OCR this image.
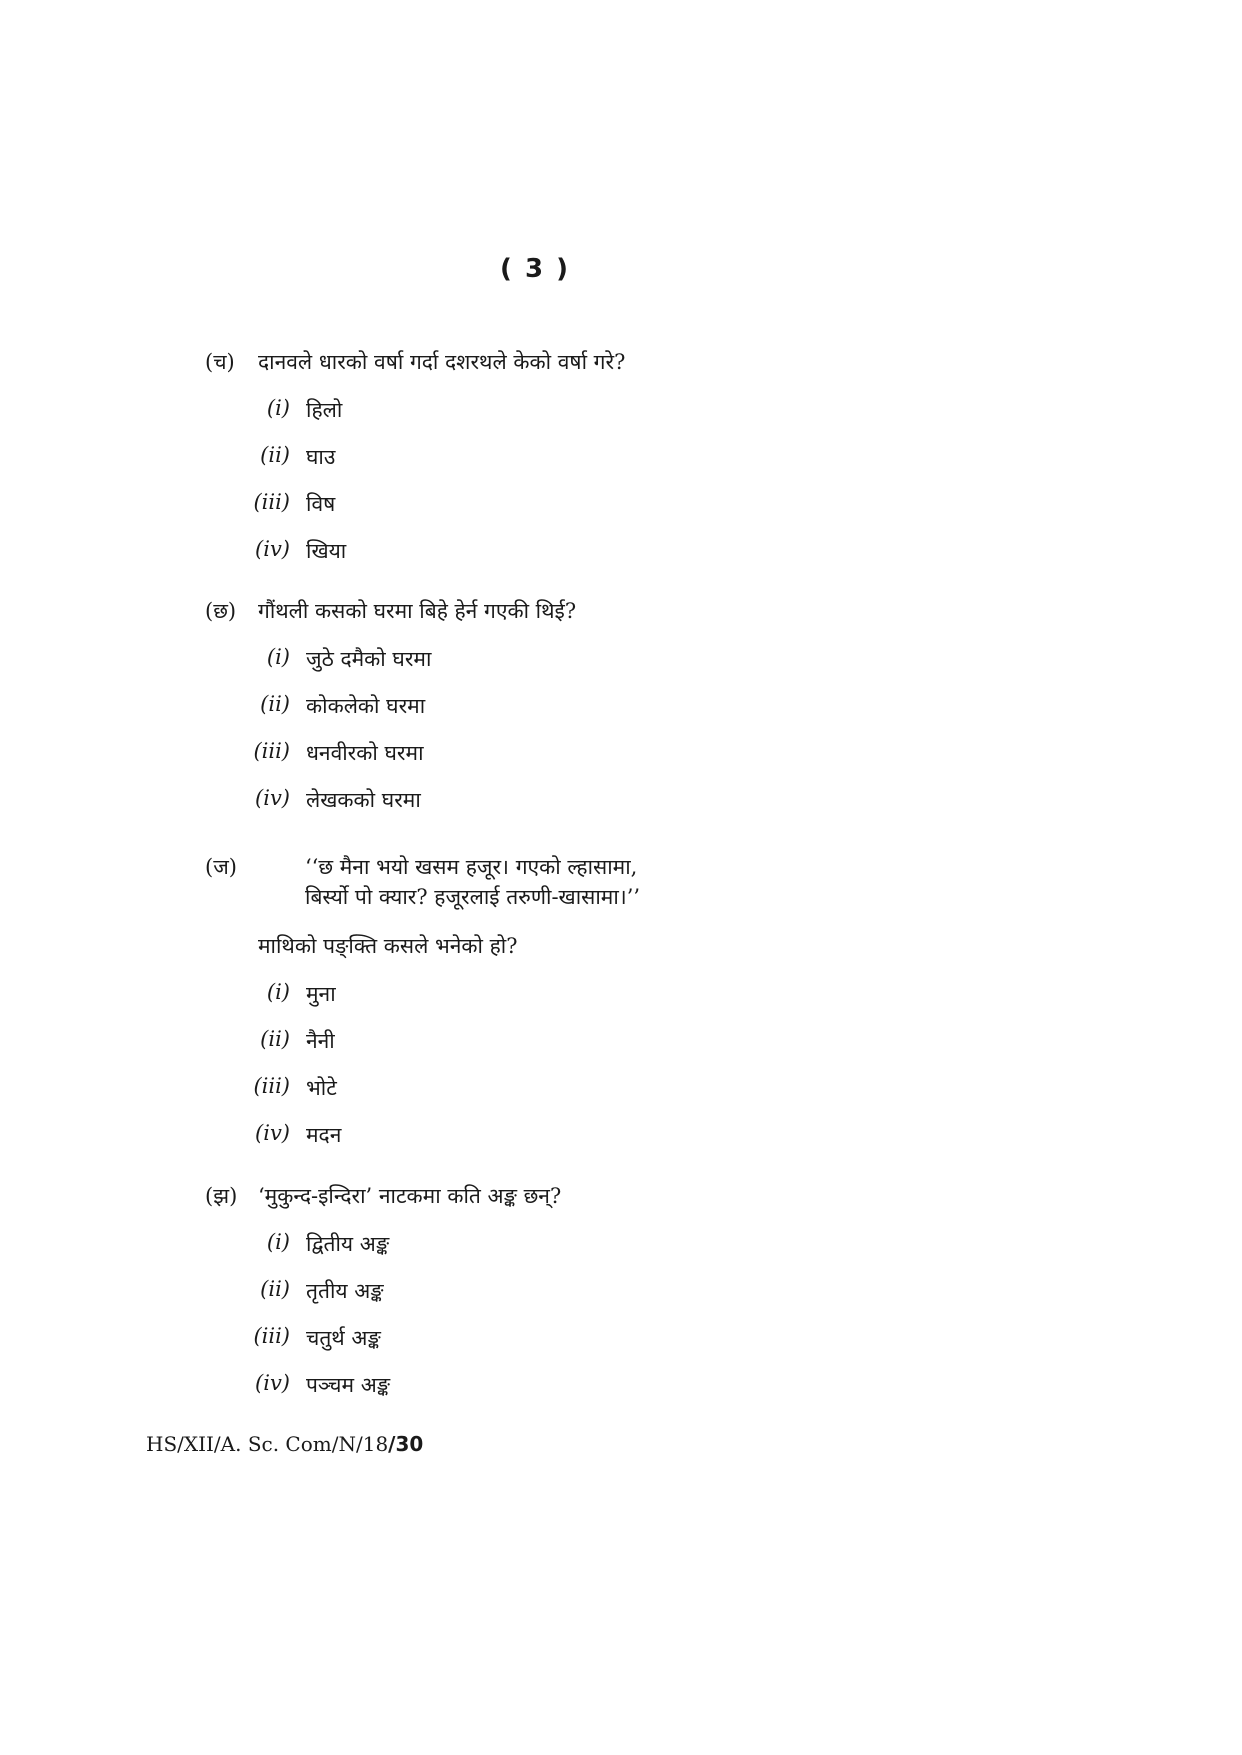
( 3 )
(च) दानवले धारको वर्षा गर्दा दशरथले केको वर्षा गरे?
(i) हिलो
(ii) घाउ
(iii) विष
(iv) खिया
(छ) गौंथली कसको घरमा बिहे हेर्न गएकी थिई?
(i) जुठे दमैको घरमा
(ii) कोकलेको घरमा
(iii) धनवीरको घरमा
(iv) लेखकको घरमा
(ज)	‘‘छ मैना भयो खसम हजूर। गएको ल्हासामा,
बिर्स्यो पो क्यार? हजूरलाई तरुणी-खासामा।’’
माथिको पङ्क्ति कसले भनेको हो?
(i) मुना
(ii) नैनी
(iii) भोटे
(iv) मदन
(झ) ‘मुकुन्द-इन्दिरा’ नाटकमा कति अङ्क छन्?
(i) द्वितीय अङ्क
(ii) तृतीय अङ्क
(iii) चतुर्थ अङ्क
(iv) पञ्चम अङ्क
HS/XII/A. Sc. Com/N/18/30
